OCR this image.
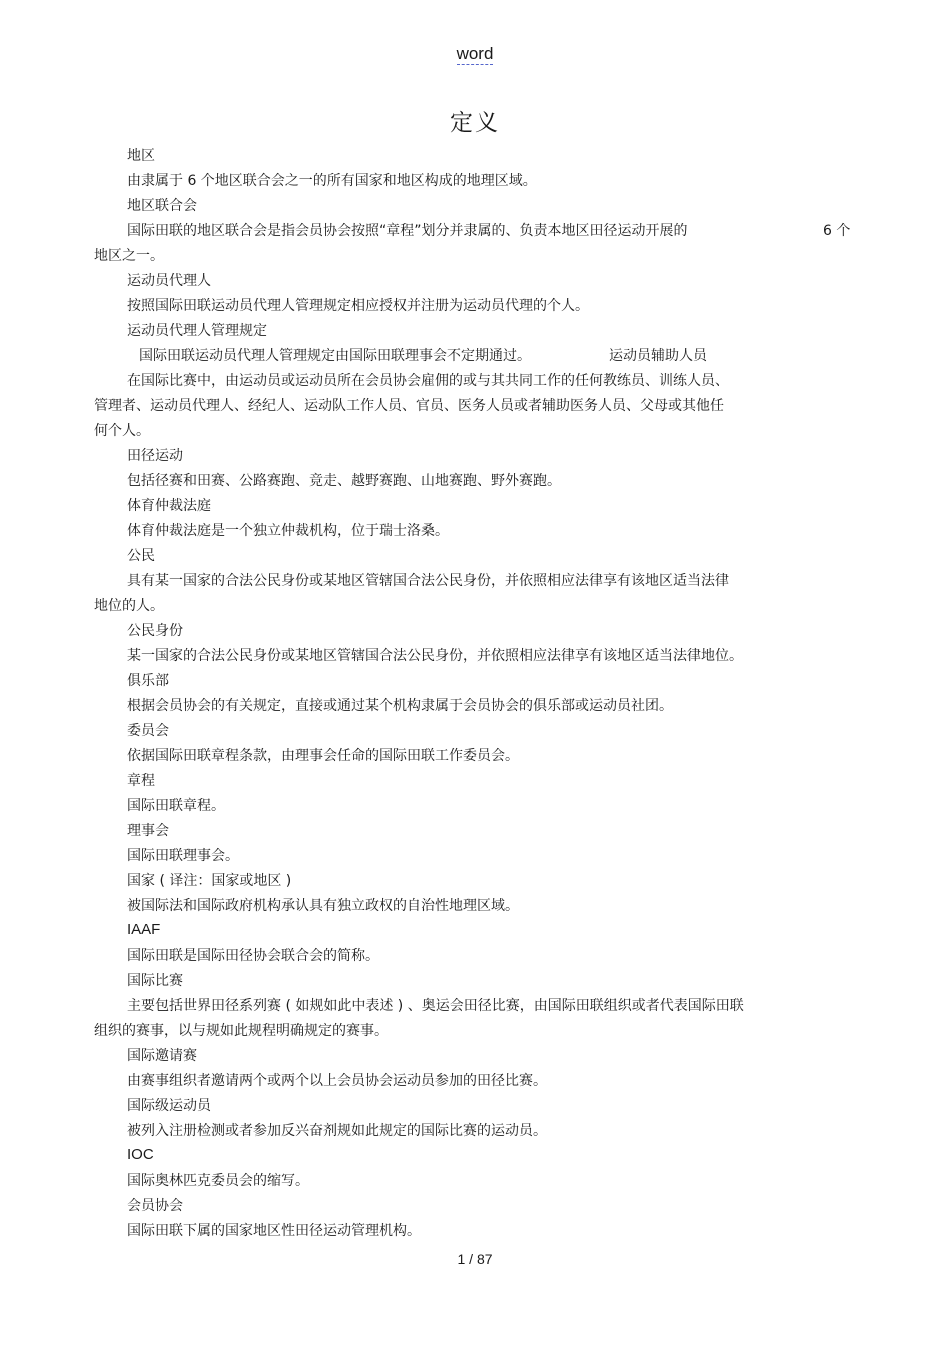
word
定义
地区
由隶属于 6 个地区联合会之一的所有国家和地区构成的地理区域。
地区联合会
国际田联的地区联合会是指会员协会按照“章程”划分并隶属的、负责本地区田径运动开展的	6 个
地区之一。
运动员代理人
按照国际田联运动员代理人管理规定相应授权并注册为运动员代理的个人。
运动员代理人管理规定
国际田联运动员代理人管理规定由国际田联理事会不定期通过。	运动员辅助人员
在国际比赛中，由运动员或运动员所在会员协会雇佣的或与其共同工作的任何教练员、训练人员、
管理者、运动员代理人、经纪人、运动队工作人员、官员、医务人员或者辅助医务人员、父母或其他任
何个人。
田径运动
包括径赛和田赛、公路赛跑、竞走、越野赛跑、山地赛跑、野外赛跑。
体育仲裁法庭
体育仲裁法庭是一个独立仲裁机构，位于瑞士洛桑。
公民
具有某一国家的合法公民身份或某地区管辖国合法公民身份，并依照相应法律享有该地区适当法律
地位的人。
公民身份
某一国家的合法公民身份或某地区管辖国合法公民身份，并依照相应法律享有该地区适当法律地位。
俱乐部
根据会员协会的有关规定，直接或通过某个机构隶属于会员协会的俱乐部或运动员社团。
委员会
依据国际田联章程条款，由理事会任命的国际田联工作委员会。
章程
国际田联章程。
理事会
国际田联理事会。
国家 ( 译注：国家或地区 )
被国际法和国际政府机构承认具有独立政权的自治性地理区域。
IAAF
国际田联是国际田径协会联合会的简称。
国际比赛
主要包括世界田径系列赛 ( 如规如此中表述 ) 、奥运会田径比赛，由国际田联组织或者代表国际田联
组织的赛事，以与规如此规程明确规定的赛事。
国际邀请赛
由赛事组织者邀请两个或两个以上会员协会运动员参加的田径比赛。
国际级运动员
被列入注册检测或者参加反兴奋剂规如此规定的国际比赛的运动员。
IOC
国际奥林匹克委员会的缩写。
会员协会
国际田联下属的国家地区性田径运动管理机构。
1 / 87
